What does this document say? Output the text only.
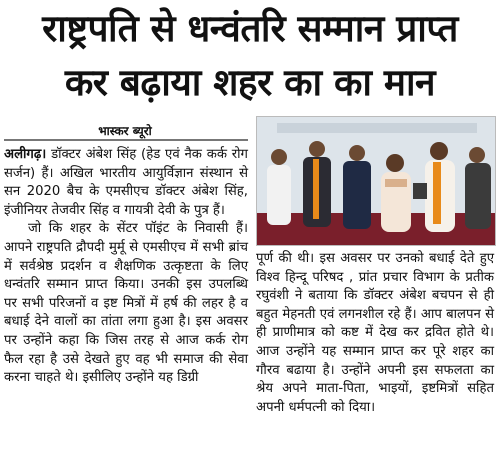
राष्ट्रपति से धन्वंतरि सम्मान प्राप्त
कर बढ़ाया शहर का का मान
भास्कर ब्यूरो

अलीगढ़। डॉक्टर अंबेश सिंह (हेड एवं नैक कर्क रोग सर्जन) हैं। अखिल भारतीय आयुर्विज्ञान संस्थान से सन 2020 बैच के एमसीएच डॉक्टर अंबेश सिंह, इंजीनियर तेजवीर सिंह व गायत्री देवी के पुत्र हैं।

जो कि शहर के सेंटर पॉइंट के निवासी हैं। आपने राष्ट्रपति द्रौपदी मुर्मू से एमसीएच में सभी ब्रांच में सर्वश्रेष्ठ प्रदर्शन व शैक्षणिक उत्कृष्टता के लिए धन्वंतरि सम्मान प्राप्त किया। उनकी इस उपलब्धि पर सभी परिजनों व इष्ट मित्रों में हर्ष की लहर है व बधाई देने वालों का तांता लगा हुआ है। इस अवसर पर उन्होंने कहा कि जिस तरह से आज कर्क रोग फैल रहा है उसे देखते हुए वह भी समाज की सेवा करना चाहते थे। इसीलिए उन्होंने यह डिग्री

पूर्ण की थी। इस अवसर पर उनको बधाई देते हुए विश्व हिन्दू परिषद , प्रांत प्रचार विभाग के प्रतीक रघुवंशी ने बताया कि डॉक्टर अंबेश बचपन से ही बहुत मेहनती एवं लगनशील रहे हैं। आप बालपन से ही प्राणीमात्र को कष्ट में देख कर द्रवित होते थे। आज उन्होंने यह सम्मान प्राप्त कर पूरे शहर का गौरव बढाया है। उन्होंने अपनी इस सफलता का श्रेय अपने माता-पिता, भाइयों, इष्टमित्रों सहित अपनी धर्मपत्नी को दिया।
